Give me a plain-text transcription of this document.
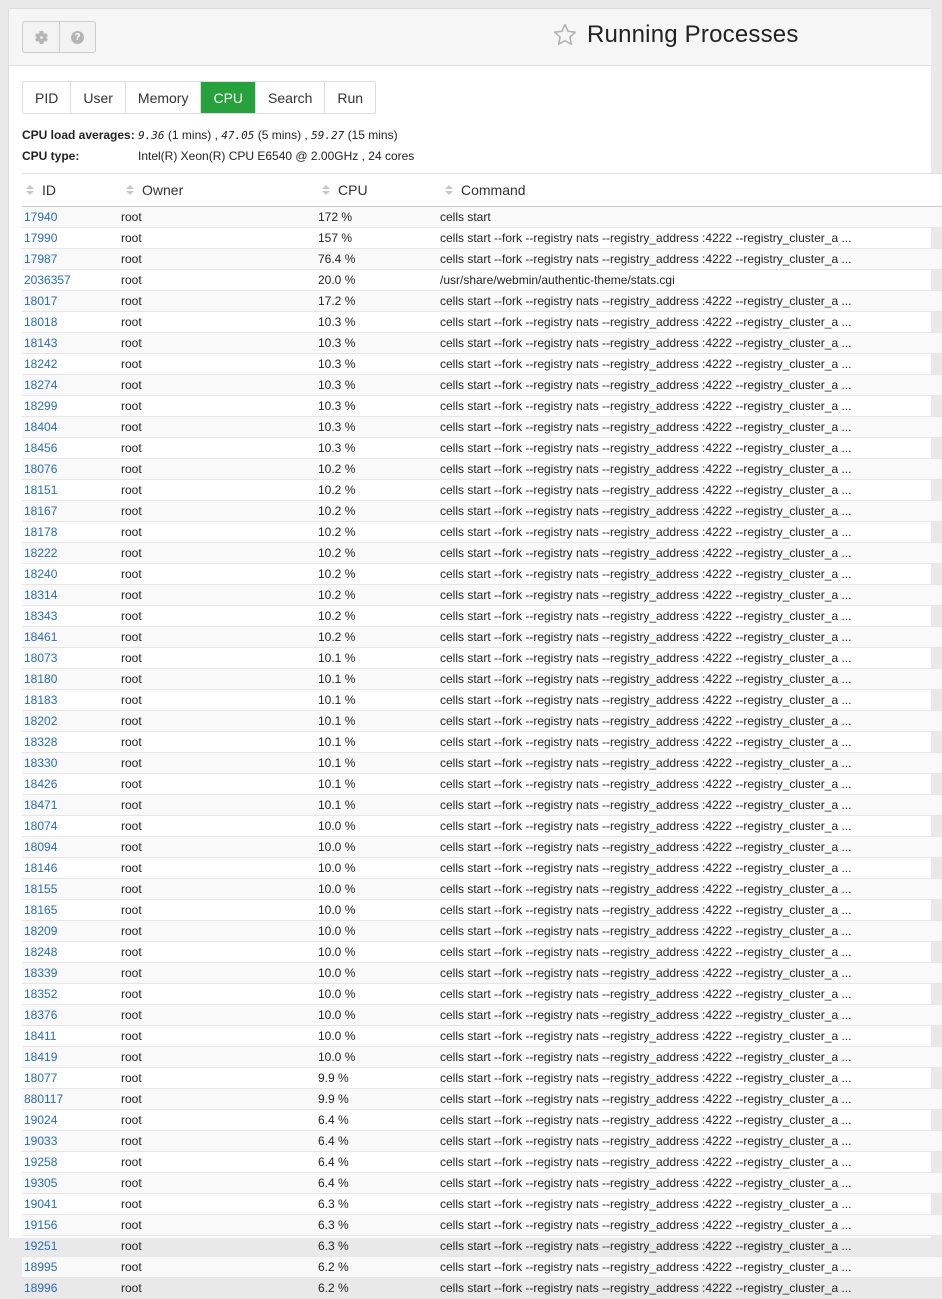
?	Running Processes
PID	User	Memory	CPU	Search	Run
CPU load averages: 9.36 (1 mins) , 47.05 (5 mins) , 59.27 (15 mins)
CPU type:	Intel(R) Xeon(R) CPU E6540 @ 2.00GHz , 24 cores
ID	Owner	CPU	Command
17940	root	172 %	cells start
17990	root	157 %	cells start --fork --registry nats --registry_address :4222 --registry_cluster_a ...
17987	root	76.4 %	cells start --fork --registry nats --registry_address :4222 --registry_cluster_a ...
2036357	root	20.0 %	/usr/share/webmin/authentic-theme/stats.cgi
18017	root	17.2 %	cells start --fork --registry nats --registry_address :4222 --registry_cluster_a ...
18018	root	10.3 %	cells start --fork --registry nats --registry_address :4222 --registry_cluster_a ...
18143	root	10.3 %	cells start --fork --registry nats --registry_address :4222 --registry_cluster_a ...
18242	root	10.3 %	cells start --fork --registry nats --registry_address :4222 --registry_cluster_a ...
18274	root	10.3 %	cells start --fork --registry nats --registry_address :4222 --registry_cluster_a ...
18299	root	10.3 %	cells start --fork --registry nats --registry_address :4222 --registry_cluster_a ...
18404	root	10.3 %	cells start --fork --registry nats --registry_address :4222 --registry_cluster_a ...
18456	root	10.3 %	cells start --fork --registry nats --registry_address :4222 --registry_cluster_a ...
18076	root	10.2 %	cells start --fork --registry nats --registry_address :4222 --registry_cluster_a ...
18151	root	10.2 %	cells start --fork --registry nats --registry_address :4222 --registry_cluster_a ...
18167	root	10.2 %	cells start --fork --registry nats --registry_address :4222 --registry_cluster_a ...
18178	root	10.2 %	cells start --fork --registry nats --registry_address :4222 --registry_cluster_a ...
18222	root	10.2 %	cells start --fork --registry nats --registry_address :4222 --registry_cluster_a ...
18240	root	10.2 %	cells start --fork --registry nats --registry_address :4222 --registry_cluster_a ...
18314	root	10.2 %	cells start --fork --registry nats --registry_address :4222 --registry_cluster_a ...
18343	root	10.2 %	cells start --fork --registry nats --registry_address :4222 --registry_cluster_a ...
18461	root	10.2 %	cells start --fork --registry nats --registry_address :4222 --registry_cluster_a ...
18073	root	10.1 %	cells start --fork --registry nats --registry_address :4222 --registry_cluster_a ...
18180	root	10.1 %	cells start --fork --registry nats --registry_address :4222 --registry_cluster_a ...
18183	root	10.1 %	cells start --fork --registry nats --registry_address :4222 --registry_cluster_a ...
18202	root	10.1 %	cells start --fork --registry nats --registry_address :4222 --registry_cluster_a ...
18328	root	10.1 %	cells start --fork --registry nats --registry_address :4222 --registry_cluster_a ...
18330	root	10.1 %	cells start --fork --registry nats --registry_address :4222 --registry_cluster_a ...
18426	root	10.1 %	cells start --fork --registry nats --registry_address :4222 --registry_cluster_a ...
18471	root	10.1 %	cells start --fork --registry nats --registry_address :4222 --registry_cluster_a ...
18074	root	10.0 %	cells start --fork --registry nats --registry_address :4222 --registry_cluster_a ...
18094	root	10.0 %	cells start --fork --registry nats --registry_address :4222 --registry_cluster_a ...
18146	root	10.0 %	cells start --fork --registry nats --registry_address :4222 --registry_cluster_a ...
18155	root	10.0 %	cells start --fork --registry nats --registry_address :4222 --registry_cluster_a ...
18165	root	10.0 %	cells start --fork --registry nats --registry_address :4222 --registry_cluster_a ...
18209	root	10.0 %	cells start --fork --registry nats --registry_address :4222 --registry_cluster_a ...
18248	root	10.0 %	cells start --fork --registry nats --registry_address :4222 --registry_cluster_a ...
18339	root	10.0 %	cells start --fork --registry nats --registry_address :4222 --registry_cluster_a ...
18352	root	10.0 %	cells start --fork --registry nats --registry_address :4222 --registry_cluster_a ...
18376	root	10.0 %	cells start --fork --registry nats --registry_address :4222 --registry_cluster_a ...
18411	root	10.0 %	cells start --fork --registry nats --registry_address :4222 --registry_cluster_a ...
18419	root	10.0 %	cells start --fork --registry nats --registry_address :4222 --registry_cluster_a ...
18077	root	9.9 %	cells start --fork --registry nats --registry_address :4222 --registry_cluster_a ...
880117	root	9.9 %	cells start --fork --registry nats --registry_address :4222 --registry_cluster_a ...
19024	root	6.4 %	cells start --fork --registry nats --registry_address :4222 --registry_cluster_a ...
19033	root	6.4 %	cells start --fork --registry nats --registry_address :4222 --registry_cluster_a ...
19258	root	6.4 %	cells start --fork --registry nats --registry_address :4222 --registry_cluster_a ...
19305	root	6.4 %	cells start --fork --registry nats --registry_address :4222 --registry_cluster_a ...
19041	root	6.3 %	cells start --fork --registry nats --registry_address :4222 --registry_cluster_a ...
19156	root	6.3 %	cells start --fork --registry nats --registry_address :4222 --registry_cluster_a ...
19251	root	6.3 %	cells start --fork --registry nats --registry_address :4222 --registry_cluster_a ...
18995	root	6.2 %	cells start --fork --registry nats --registry_address :4222 --registry_cluster_a ...
18996	root	6.2 %	cells start --fork --registry nats --registry_address :4222 --registry_cluster_a ...
